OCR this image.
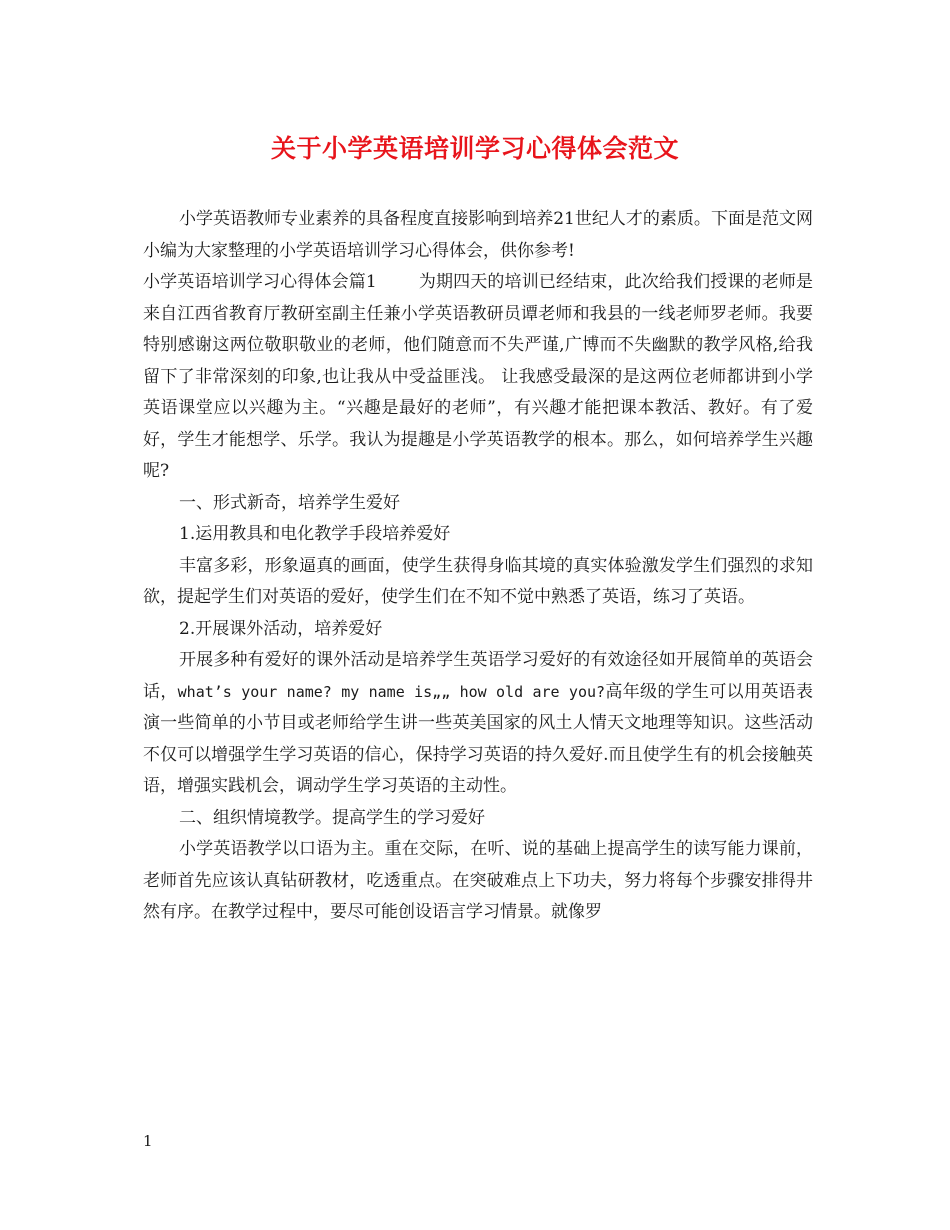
关于小学英语培训学习心得体会范文

小学英语教师专业素养的具备程度直接影响到培养21世纪人才的素质。下面是范文网小编为大家整理的小学英语培训学习心得体会，供你参考!

小学英语培训学习心得体会篇1 为期四天的培训已经结束，此次给我们授课的老师是来自江西省教育厅教研室副主任兼小学英语教研员谭老师和我县的一线老师罗老师。我要特别感谢这两位敬职敬业的老师，他们随意而不失严谨,广博而不失幽默的教学风格,给我留下了非常深刻的印象,也让我从中受益匪浅。 让我感受最深的是这两位老师都讲到小学英语课堂应以兴趣为主。“兴趣是最好的老师”，有兴趣才能把课本教活、教好。有了爱好，学生才能想学、乐学。我认为提趣是小学英语教学的根本。那么，如何培养学生兴趣呢?

一、形式新奇，培养学生爱好

1.运用教具和电化教学手段培养爱好

丰富多彩，形象逼真的画面，使学生获得身临其境的真实体验激发学生们强烈的求知欲，提起学生们对英语的爱好，使学生们在不知不觉中熟悉了英语，练习了英语。

2.开展课外活动，培养爱好

开展多种有爱好的课外活动是培养学生英语学习爱好的有效途径如开展简单的英语会话，what’s your name? my name is„„ how old are you?高年级的学生可以用英语表演一些简单的小节目或老师给学生讲一些英美国家的风土人情天文地理等知识。这些活动不仅可以增强学生学习英语的信心，保持学习英语的持久爱好.而且使学生有的机会接触英语，增强实践机会，调动学生学习英语的主动性。

二、组织情境教学。提高学生的学习爱好

小学英语教学以口语为主。重在交际，在听、说的基础上提高学生的读写能力课前，老师首先应该认真钻研教材，吃透重点。在突破难点上下功夫，努力将每个步骤安排得井然有序。在教学过程中，要尽可能创设语言学习情景。就像罗

1
